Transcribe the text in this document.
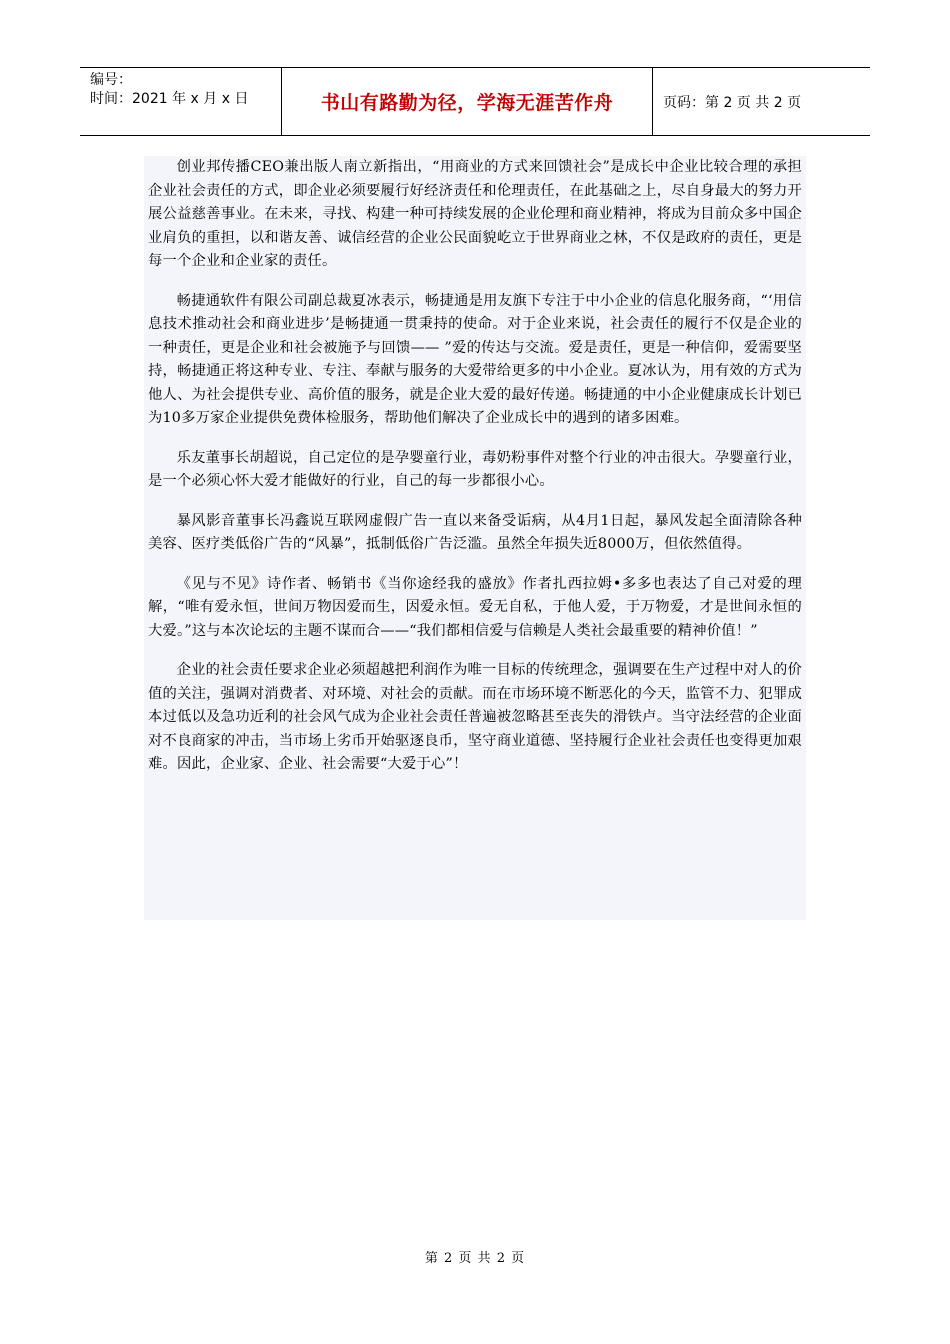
编号：
时间：2021 年 x 月 x 日	书山有路勤为径，学海无涯苦作舟	页码：第 2 页 共 2 页

创业邦传播CEO兼出版人南立新指出，“用商业的方式来回馈社会”是成长中企业比较合理的承担企业社会责任的方式，即企业必须要履行好经济责任和伦理责任，在此基础之上，尽自身最大的努力开展公益慈善事业。在未来，寻找、构建一种可持续发展的企业伦理和商业精神，将成为目前众多中国企业肩负的重担，以和谐友善、诚信经营的企业公民面貌屹立于世界商业之林，不仅是政府的责任，更是每一个企业和企业家的责任。

畅捷通软件有限公司副总裁夏冰表示，畅捷通是用友旗下专注于中小企业的信息化服务商，“‘用信息技术推动社会和商业进步’是畅捷通一贯秉持的使命。对于企业来说，社会责任的履行不仅是企业的一种责任，更是企业和社会被施予与回馈—— ”爱的传达与交流。爱是责任，更是一种信仰，爱需要坚持，畅捷通正将这种专业、专注、奉献与服务的大爱带给更多的中小企业。夏冰认为，用有效的方式为他人、为社会提供专业、高价值的服务，就是企业大爱的最好传递。畅捷通的中小企业健康成长计划已为10多万家企业提供免费体检服务，帮助他们解决了企业成长中的遇到的诸多困难。

乐友董事长胡超说，自己定位的是孕婴童行业，毒奶粉事件对整个行业的冲击很大。孕婴童行业，是一个必须心怀大爱才能做好的行业，自己的每一步都很小心。

暴风影音董事长冯鑫说互联网虚假广告一直以来备受诟病，从4月1日起，暴风发起全面清除各种美容、医疗类低俗广告的“风暴”，抵制低俗广告泛滥。虽然全年损失近8000万，但依然值得。

《见与不见》诗作者、畅销书《当你途经我的盛放》作者扎西拉姆•多多也表达了自己对爱的理解，“唯有爱永恒，世间万物因爱而生，因爱永恒。爱无自私，于他人爱，于万物爱，才是世间永恒的大爱。”这与本次论坛的主题不谋而合——“我们都相信爱与信赖是人类社会最重要的精神价值！”

企业的社会责任要求企业必须超越把利润作为唯一目标的传统理念，强调要在生产过程中对人的价值的关注，强调对消费者、对环境、对社会的贡献。而在市场环境不断恶化的今天，监管不力、犯罪成本过低以及急功近利的社会风气成为企业社会责任普遍被忽略甚至丧失的滑铁卢。当守法经营的企业面对不良商家的冲击，当市场上劣币开始驱逐良币，坚守商业道德、坚持履行企业社会责任也变得更加艰难。因此，企业家、企业、社会需要“大爱于心”！

第 2 页 共 2 页
